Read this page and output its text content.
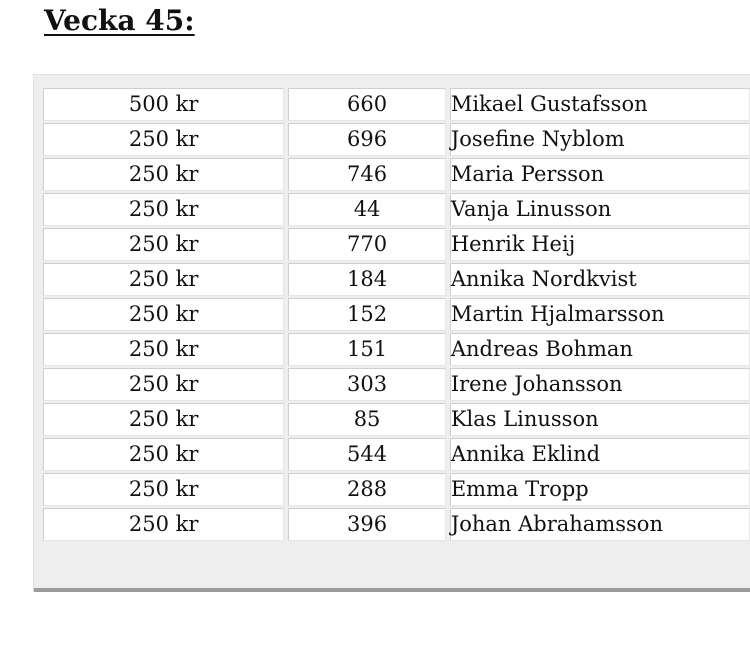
Vecka 45:
500 kr	660	Mikael Gustafsson
250 kr	696	Josefine Nyblom
250 kr	746	Maria Persson
250 kr	44	Vanja Linusson
250 kr	770	Henrik Heij
250 kr	184	Annika Nordkvist
250 kr	152	Martin Hjalmarsson
250 kr	151	Andreas Bohman
250 kr	303	Irene Johansson
250 kr	85	Klas Linusson
250 kr	544	Annika Eklind
250 kr	288	Emma Tropp
250 kr	396	Johan Abrahamsson
